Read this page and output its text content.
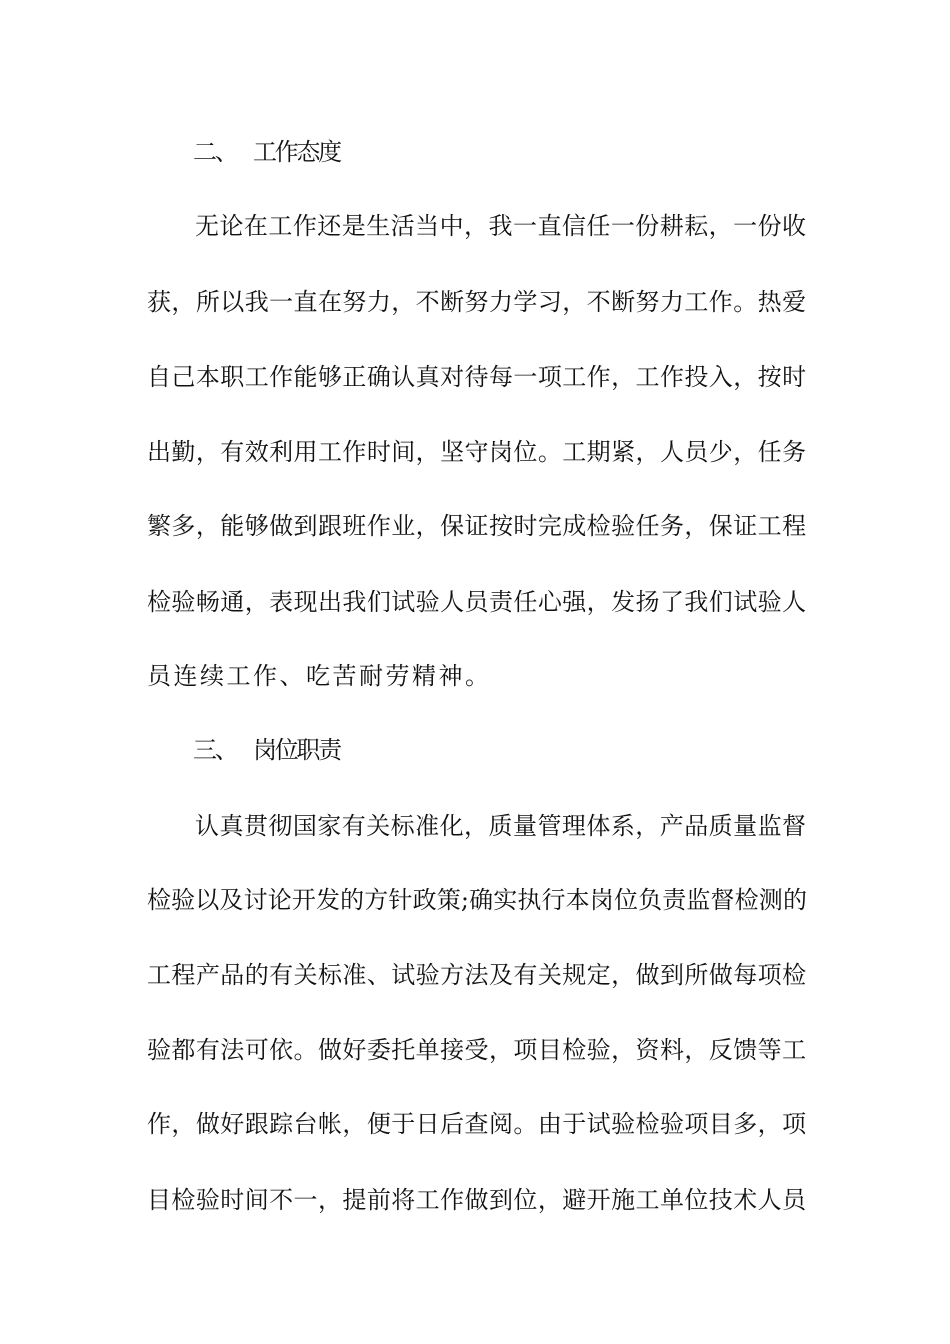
二、 工作态度
无论在工作还是生活当中，我一直信任一份耕耘，一份收
获，所以我一直在努力，不断努力学习，不断努力工作。热爱
自己本职工作能够正确认真对待每一项工作，工作投入，按时
出勤，有效利用工作时间，坚守岗位。工期紧，人员少，任务
繁多，能够做到跟班作业，保证按时完成检验任务，保证工程
检验畅通，表现出我们试验人员责任心强，发扬了我们试验人
员连续工作、吃苦耐劳精神。
三、 岗位职责
认真贯彻国家有关标准化，质量管理体系，产品质量监督
检验以及讨论开发的方针政策;确实执行本岗位负责监督检测的
工程产品的有关标准、试验方法及有关规定，做到所做每项检
验都有法可依。做好委托单接受，项目检验，资料，反馈等工
作，做好跟踪台帐，便于日后查阅。由于试验检验项目多，项
目检验时间不一，提前将工作做到位，避开施工单位技术人员
